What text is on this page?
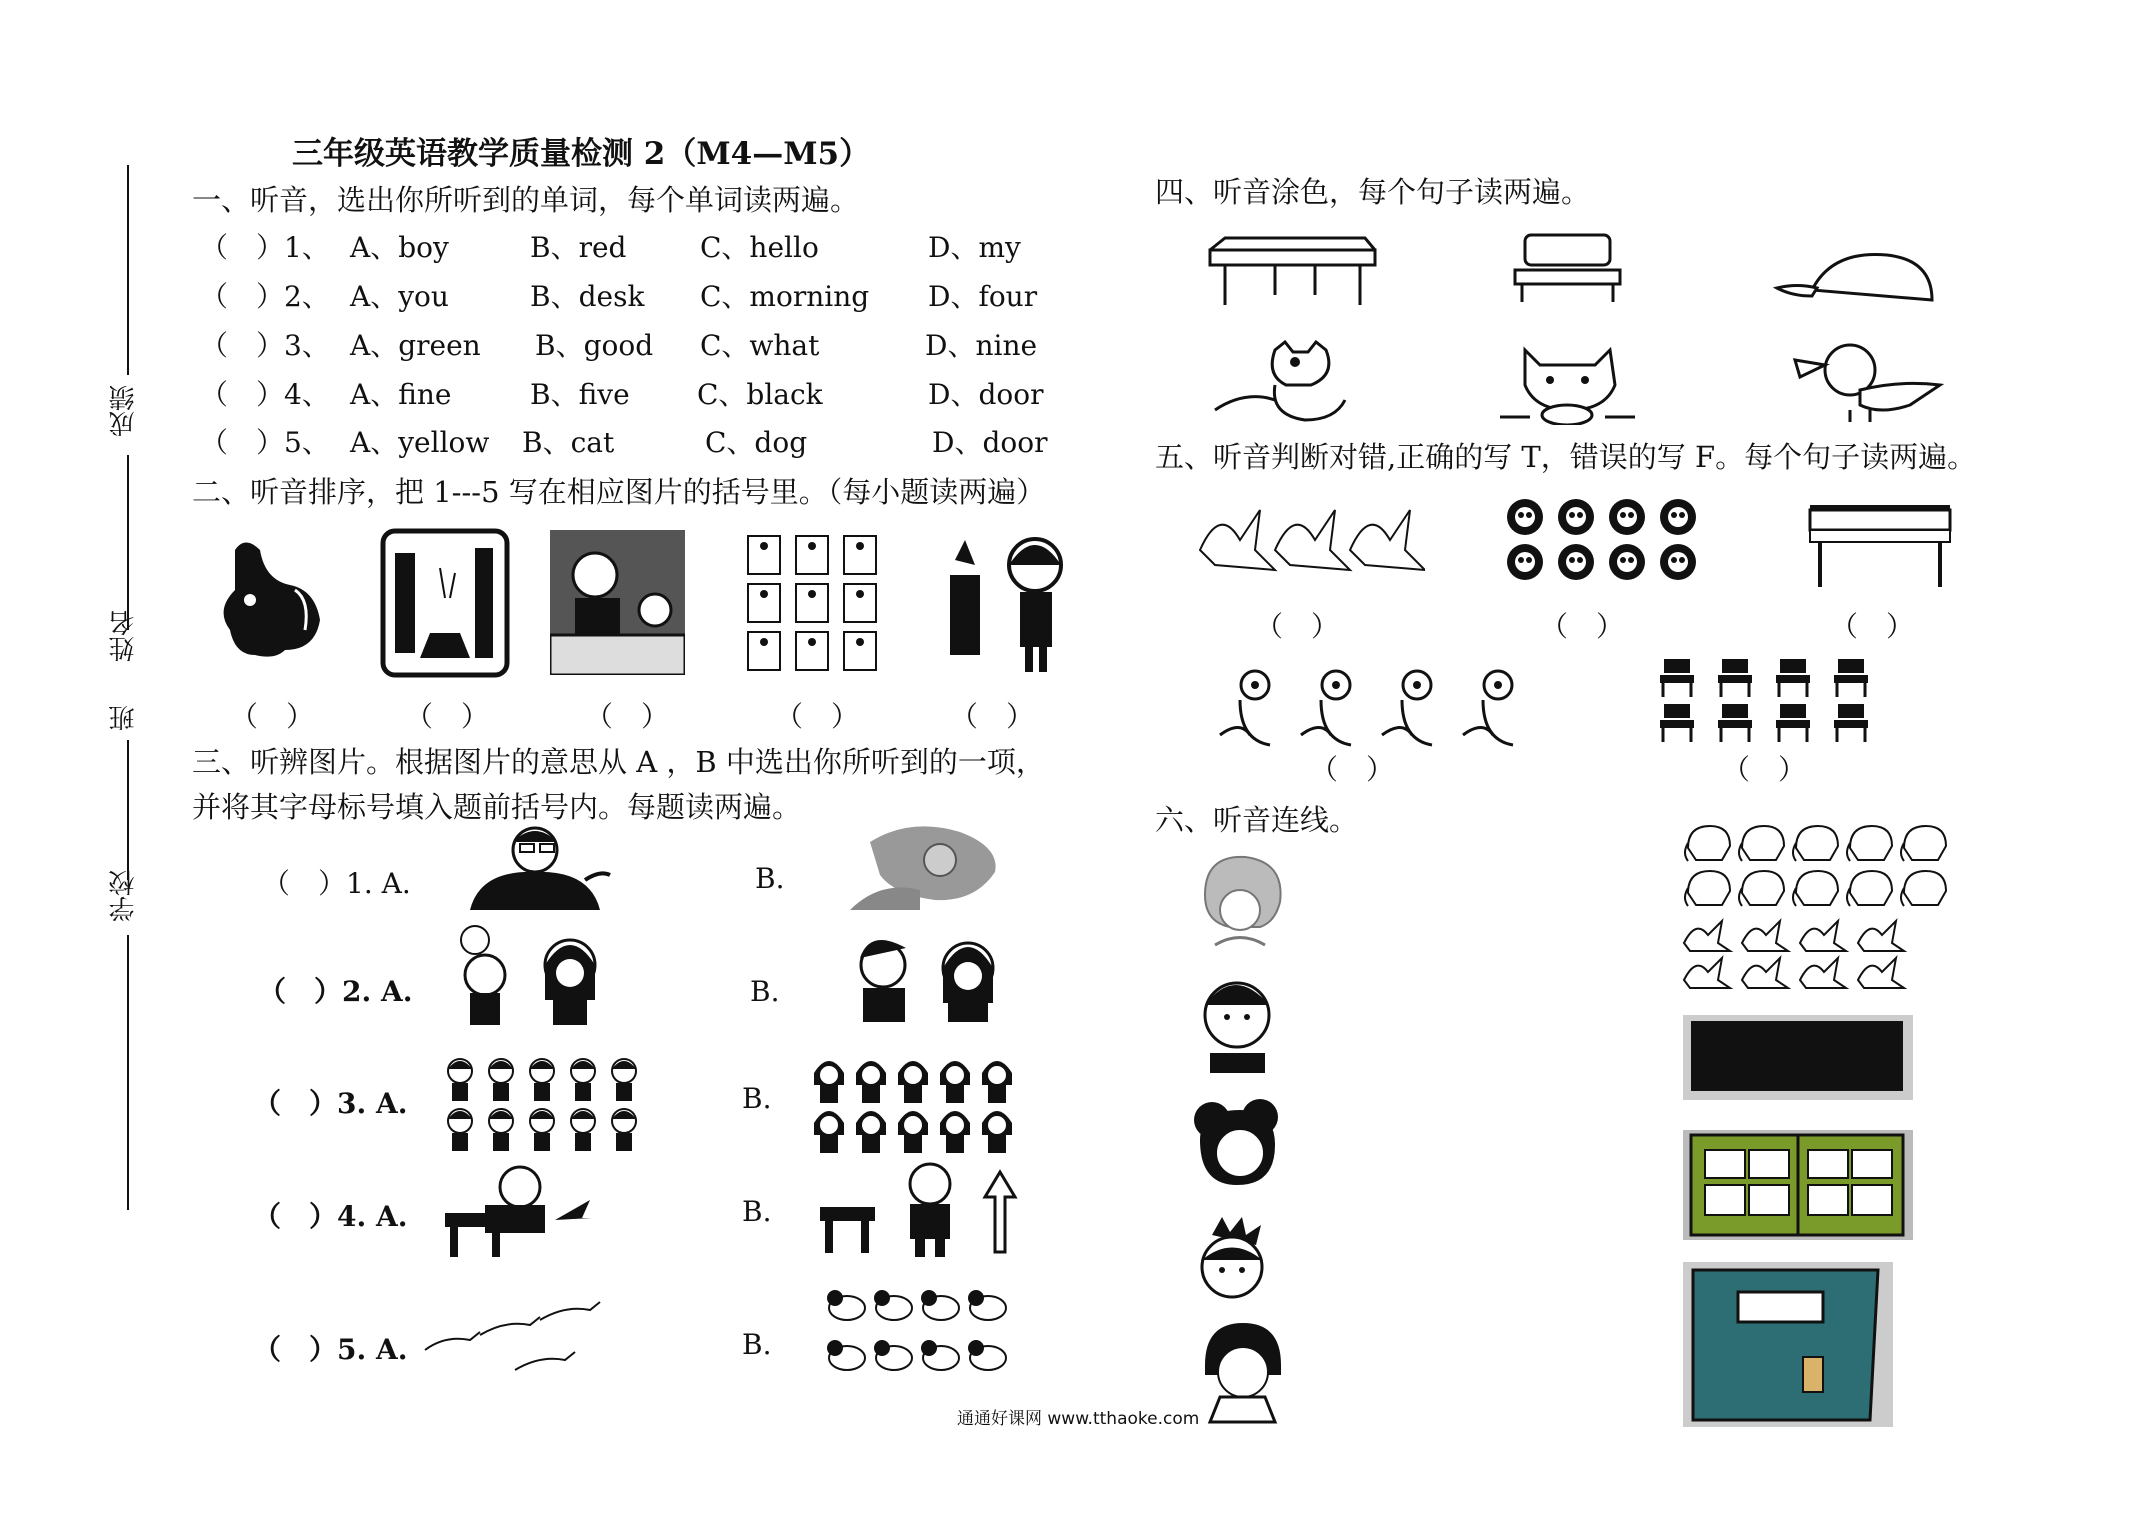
成绩
姓名
班
学校
三年级英语教学质量检测 2（M4—M5）
一、听音，选出你所听到的单词，每个单词读两遍。
（　）1、 A、boy	B、red	C、hello	D、my
（　）2、 A、you	B、desk C、morning D、four
（　）3、 A、green B、good C、what	D、nine
（　）4、 A、fine	B、five C、black	D、door
（　）5、 A、yellow B、cat	C、dog	D、door
二、听音排序，把 1---5 写在相应图片的括号里。（每小题读两遍）
（　）	（　）	（　）	（　）	（　）
三、听辨图片。根据图片的意思从 A ，B 中选出你所听到的一项，
并将其字母标号填入题前括号内。每题读两遍。
（　）1. A.	B.
（　）2. A.	B.
（　）3. A.	B.
（　）4. A.	B.
（　）5. A.	B.
四、听音涂色，每个句子读两遍。
五、听音判断对错,正确的写 T，错误的写 F。每个句子读两遍。
（　）	（　）	（　）
（　）	（　）
六、听音连线。
通通好课网 www.tthaoke.com
